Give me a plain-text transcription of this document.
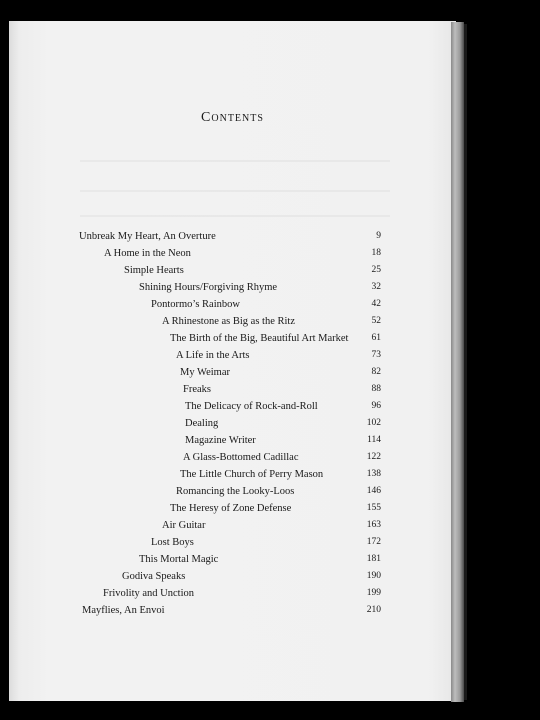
Contents
Unbreak My Heart, An Overture	9
A Home in the Neon	18
Simple Hearts	25
Shining Hours/Forgiving Rhyme	32
Pontormo’s Rainbow	42
A Rhinestone as Big as the Ritz	52
The Birth of the Big, Beautiful Art Market 61
A Life in the Arts	73
My Weimar	82
Freaks	88
The Delicacy of Rock-and-Roll	96
Dealing	102
Magazine Writer	114
A Glass-Bottomed Cadillac	122
The Little Church of Perry Mason	138
Romancing the Looky-Loos	146
The Heresy of Zone Defense	155
Air Guitar	163
Lost Boys	172
This Mortal Magic	181
Godiva Speaks	190
Frivolity and Unction	199
Mayflies, An Envoi	210
